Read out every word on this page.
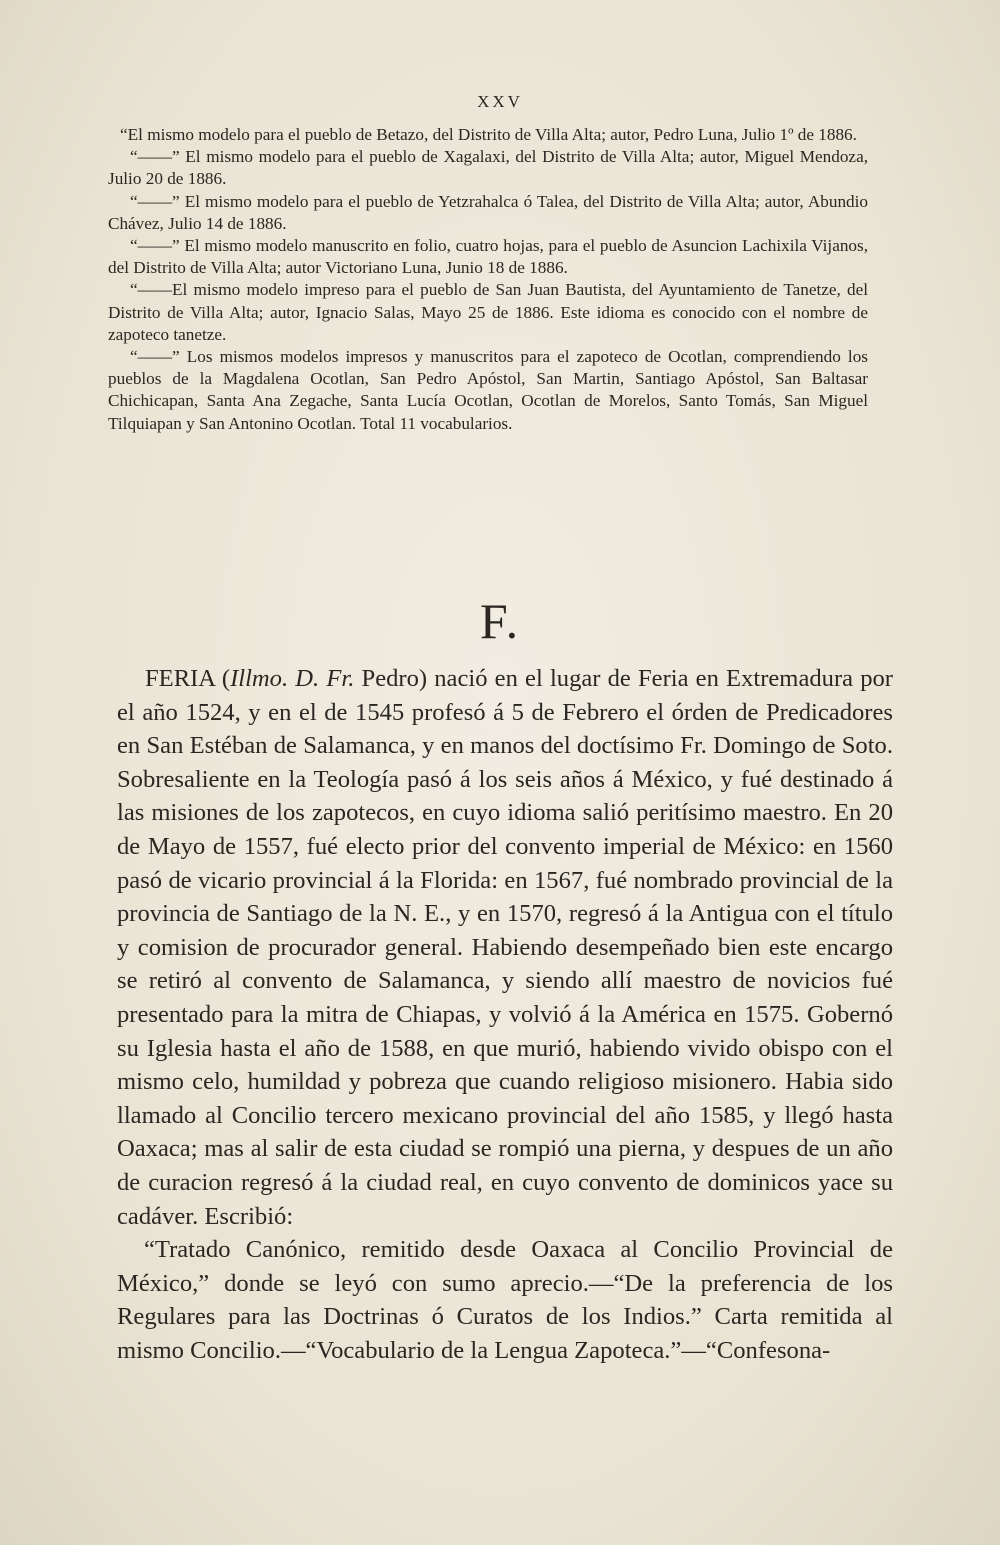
XXV

“El mismo modelo para el pueblo de Betazo, del Distrito de Villa Alta; autor, Pedro Luna, Julio 1º de 1886.

“——” El mismo modelo para el pueblo de Xagalaxi, del Distrito de Villa Alta; autor, Miguel Mendoza, Julio 20 de 1886.

“——” El mismo modelo para el pueblo de Yetzrahalca ó Talea, del Distrito de Villa Alta; autor, Abundio Chávez, Julio 14 de 1886.

“——” El mismo modelo manuscrito en folio, cuatro hojas, para el pueblo de Asuncion Lachixila Vijanos, del Distrito de Villa Alta; autor Victoriano Luna, Junio 18 de 1886.

“——El mismo modelo impreso para el pueblo de San Juan Bautista, del Ayuntamiento de Tanetze, del Distrito de Villa Alta; autor, Ignacio Salas, Mayo 25 de 1886. Este idioma es conocido con el nombre de zapoteco tanetze.

“——” Los mismos modelos impresos y manuscritos para el zapoteco de Ocotlan, comprendiendo los pueblos de la Magdalena Ocotlan, San Pedro Apóstol, San Martin, Santiago Apóstol, San Baltasar Chichicapan, Santa Ana Zegache, Santa Lucía Ocotlan, Ocotlan de Morelos, Santo Tomás, San Miguel Tilquiapan y San Antonino Ocotlan. Total 11 vocabularios.

F.

FERIA (Illmo. D. Fr. Pedro) nació en el lugar de Feria en Extremadura por el año 1524, y en el de 1545 profesó á 5 de Febrero el órden de Predicadores en San Estéban de Salamanca, y en manos del doctísimo Fr. Domingo de Soto. Sobresaliente en la Teología pasó á los seis años á México, y fué destinado á las misiones de los zapotecos, en cuyo idioma salió peritísimo maestro. En 20 de Mayo de 1557, fué electo prior del convento imperial de México: en 1560 pasó de vicario provincial á la Florida: en 1567, fué nombrado provincial de la provincia de Santiago de la N. E., y en 1570, regresó á la Antigua con el título y comision de procurador general. Habiendo desempeñado bien este encargo se retiró al convento de Salamanca, y siendo allí maestro de novicios fué presentado para la mitra de Chiapas, y volvió á la América en 1575. Gobernó su Iglesia hasta el año de 1588, en que murió, habiendo vivido obispo con el mismo celo, humildad y pobreza que cuando religioso misionero. Habia sido llamado al Concilio tercero mexicano provincial del año 1585, y llegó hasta Oaxaca; mas al salir de esta ciudad se rompió una pierna, y despues de un año de curacion regresó á la ciudad real, en cuyo convento de dominicos yace su cadáver. Escribió:

“Tratado Canónico, remitido desde Oaxaca al Concilio Provincial de México,” donde se leyó con sumo aprecio.—“De la preferencia de los Regulares para las Doctrinas ó Curatos de los Indios.” Carta remitida al mismo Concilio.—“Vocabulario de la Lengua Zapoteca.”—“Confesona-
